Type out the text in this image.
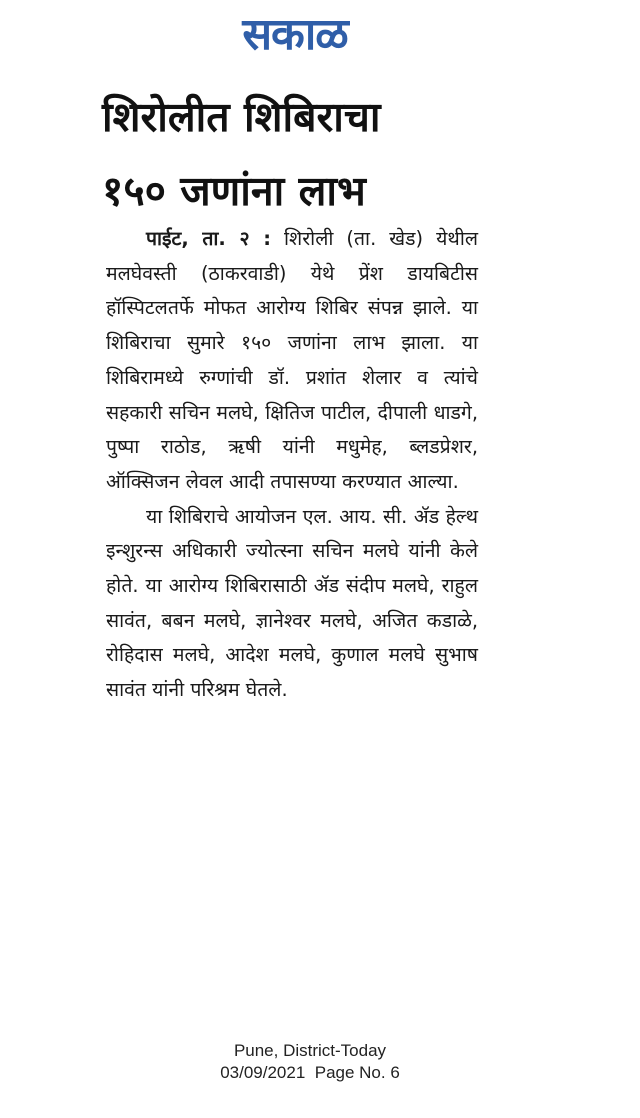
सकाळ
शिरोलीत शिबिराचा
१५० जणांना लाभ

पाईट, ता. २ : शिरोली (ता. खेड) येथील मलघेवस्ती (ठाकरवाडी) येथे प्रेंश डायबिटीस हॉस्पिटलतर्फे मोफत आरोग्य शिबिर संपन्न झाले. या शिबिराचा सुमारे १५० जणांना लाभ झाला. या शिबिरामध्ये रुग्णांची डॉ. प्रशांत शेलार व त्यांचे सहकारी सचिन मलघे, क्षितिज पाटील, दीपाली धाडगे, पुष्पा राठोड, ऋषी यांनी मधुमेह, ब्लडप्रेशर, ऑक्सिजन लेवल आदी तपासण्या करण्यात आल्या.

या शिबिराचे आयोजन एल. आय. सी. ॲड हेल्थ इन्शुरन्स अधिकारी ज्योत्स्ना सचिन मलघे यांनी केले होते. या आरोग्य शिबिरासाठी ॲड संदीप मलघे, राहुल सावंत, बबन मलघे, ज्ञानेश्वर मलघे, अजित कडाळे, रोहिदास मलघे, आदेश मलघे, कुणाल मलघे सुभाष सावंत यांनी परिश्रम घेतले.

Pune, District-Today
03/09/2021  Page No. 6
